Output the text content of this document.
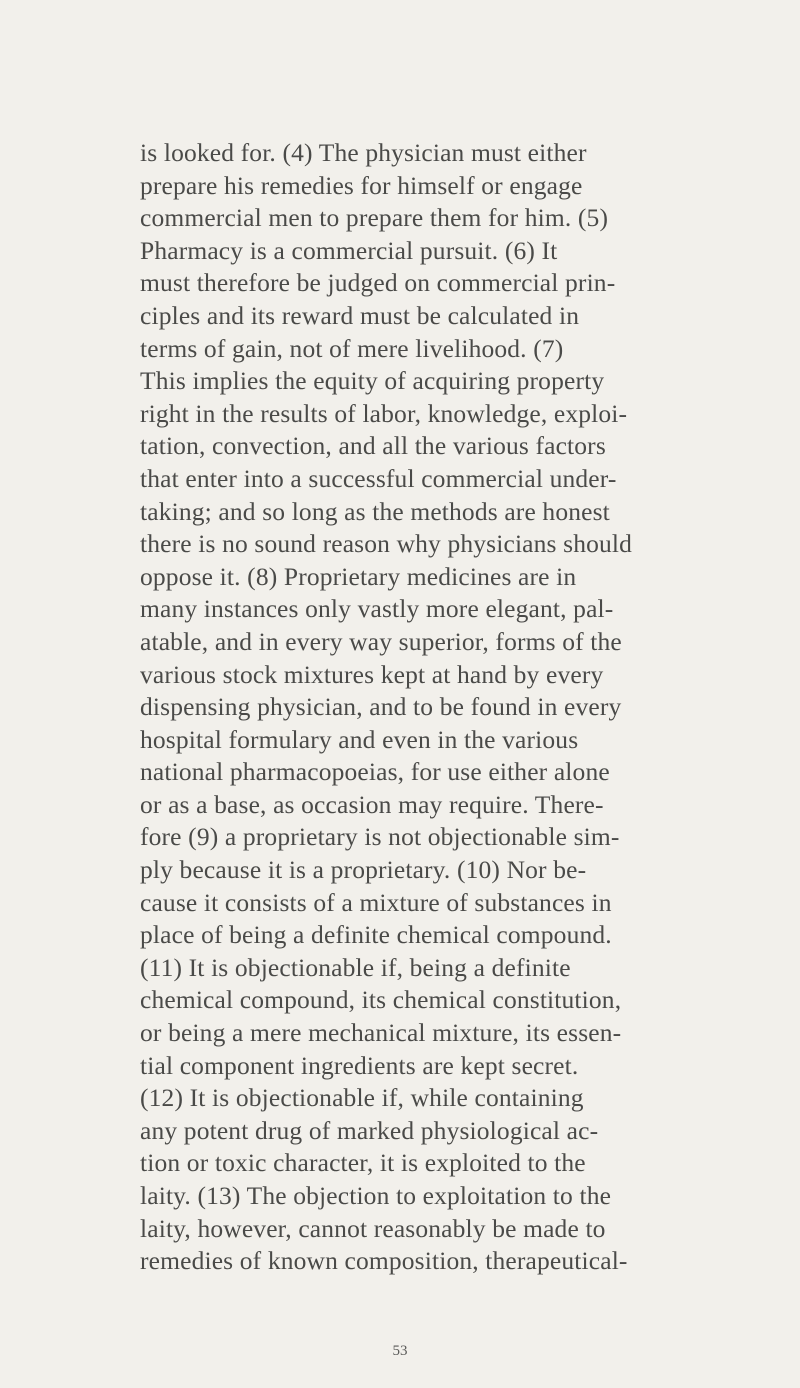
is looked for. (4) The physician must either
prepare his remedies for himself or engage
commercial men to prepare them for him. (5)
Pharmacy is a commercial pursuit. (6) It
must therefore be judged on commercial prin-
ciples and its reward must be calculated in
terms of gain, not of mere livelihood. (7)
This implies the equity of acquiring property
right in the results of labor, knowledge, exploi-
tation, convection, and all the various factors
that enter into a successful commercial under-
taking; and so long as the methods are honest
there is no sound reason why physicians should
oppose it. (8) Proprietary medicines are in
many instances only vastly more elegant, pal-
atable, and in every way superior, forms of the
various stock mixtures kept at hand by every
dispensing physician, and to be found in every
hospital formulary and even in the various
national pharmacopoeias, for use either alone
or as a base, as occasion may require. There-
fore (9) a proprietary is not objectionable sim-
ply because it is a proprietary. (10) Nor be-
cause it consists of a mixture of substances in
place of being a definite chemical compound.
(11) It is objectionable if, being a definite
chemical compound, its chemical constitution,
or being a mere mechanical mixture, its essen-
tial component ingredients are kept secret.
(12) It is objectionable if, while containing
any potent drug of marked physiological ac-
tion or toxic character, it is exploited to the
laity. (13) The objection to exploitation to the
laity, however, cannot reasonably be made to
remedies of known composition, therapeutical-
53
